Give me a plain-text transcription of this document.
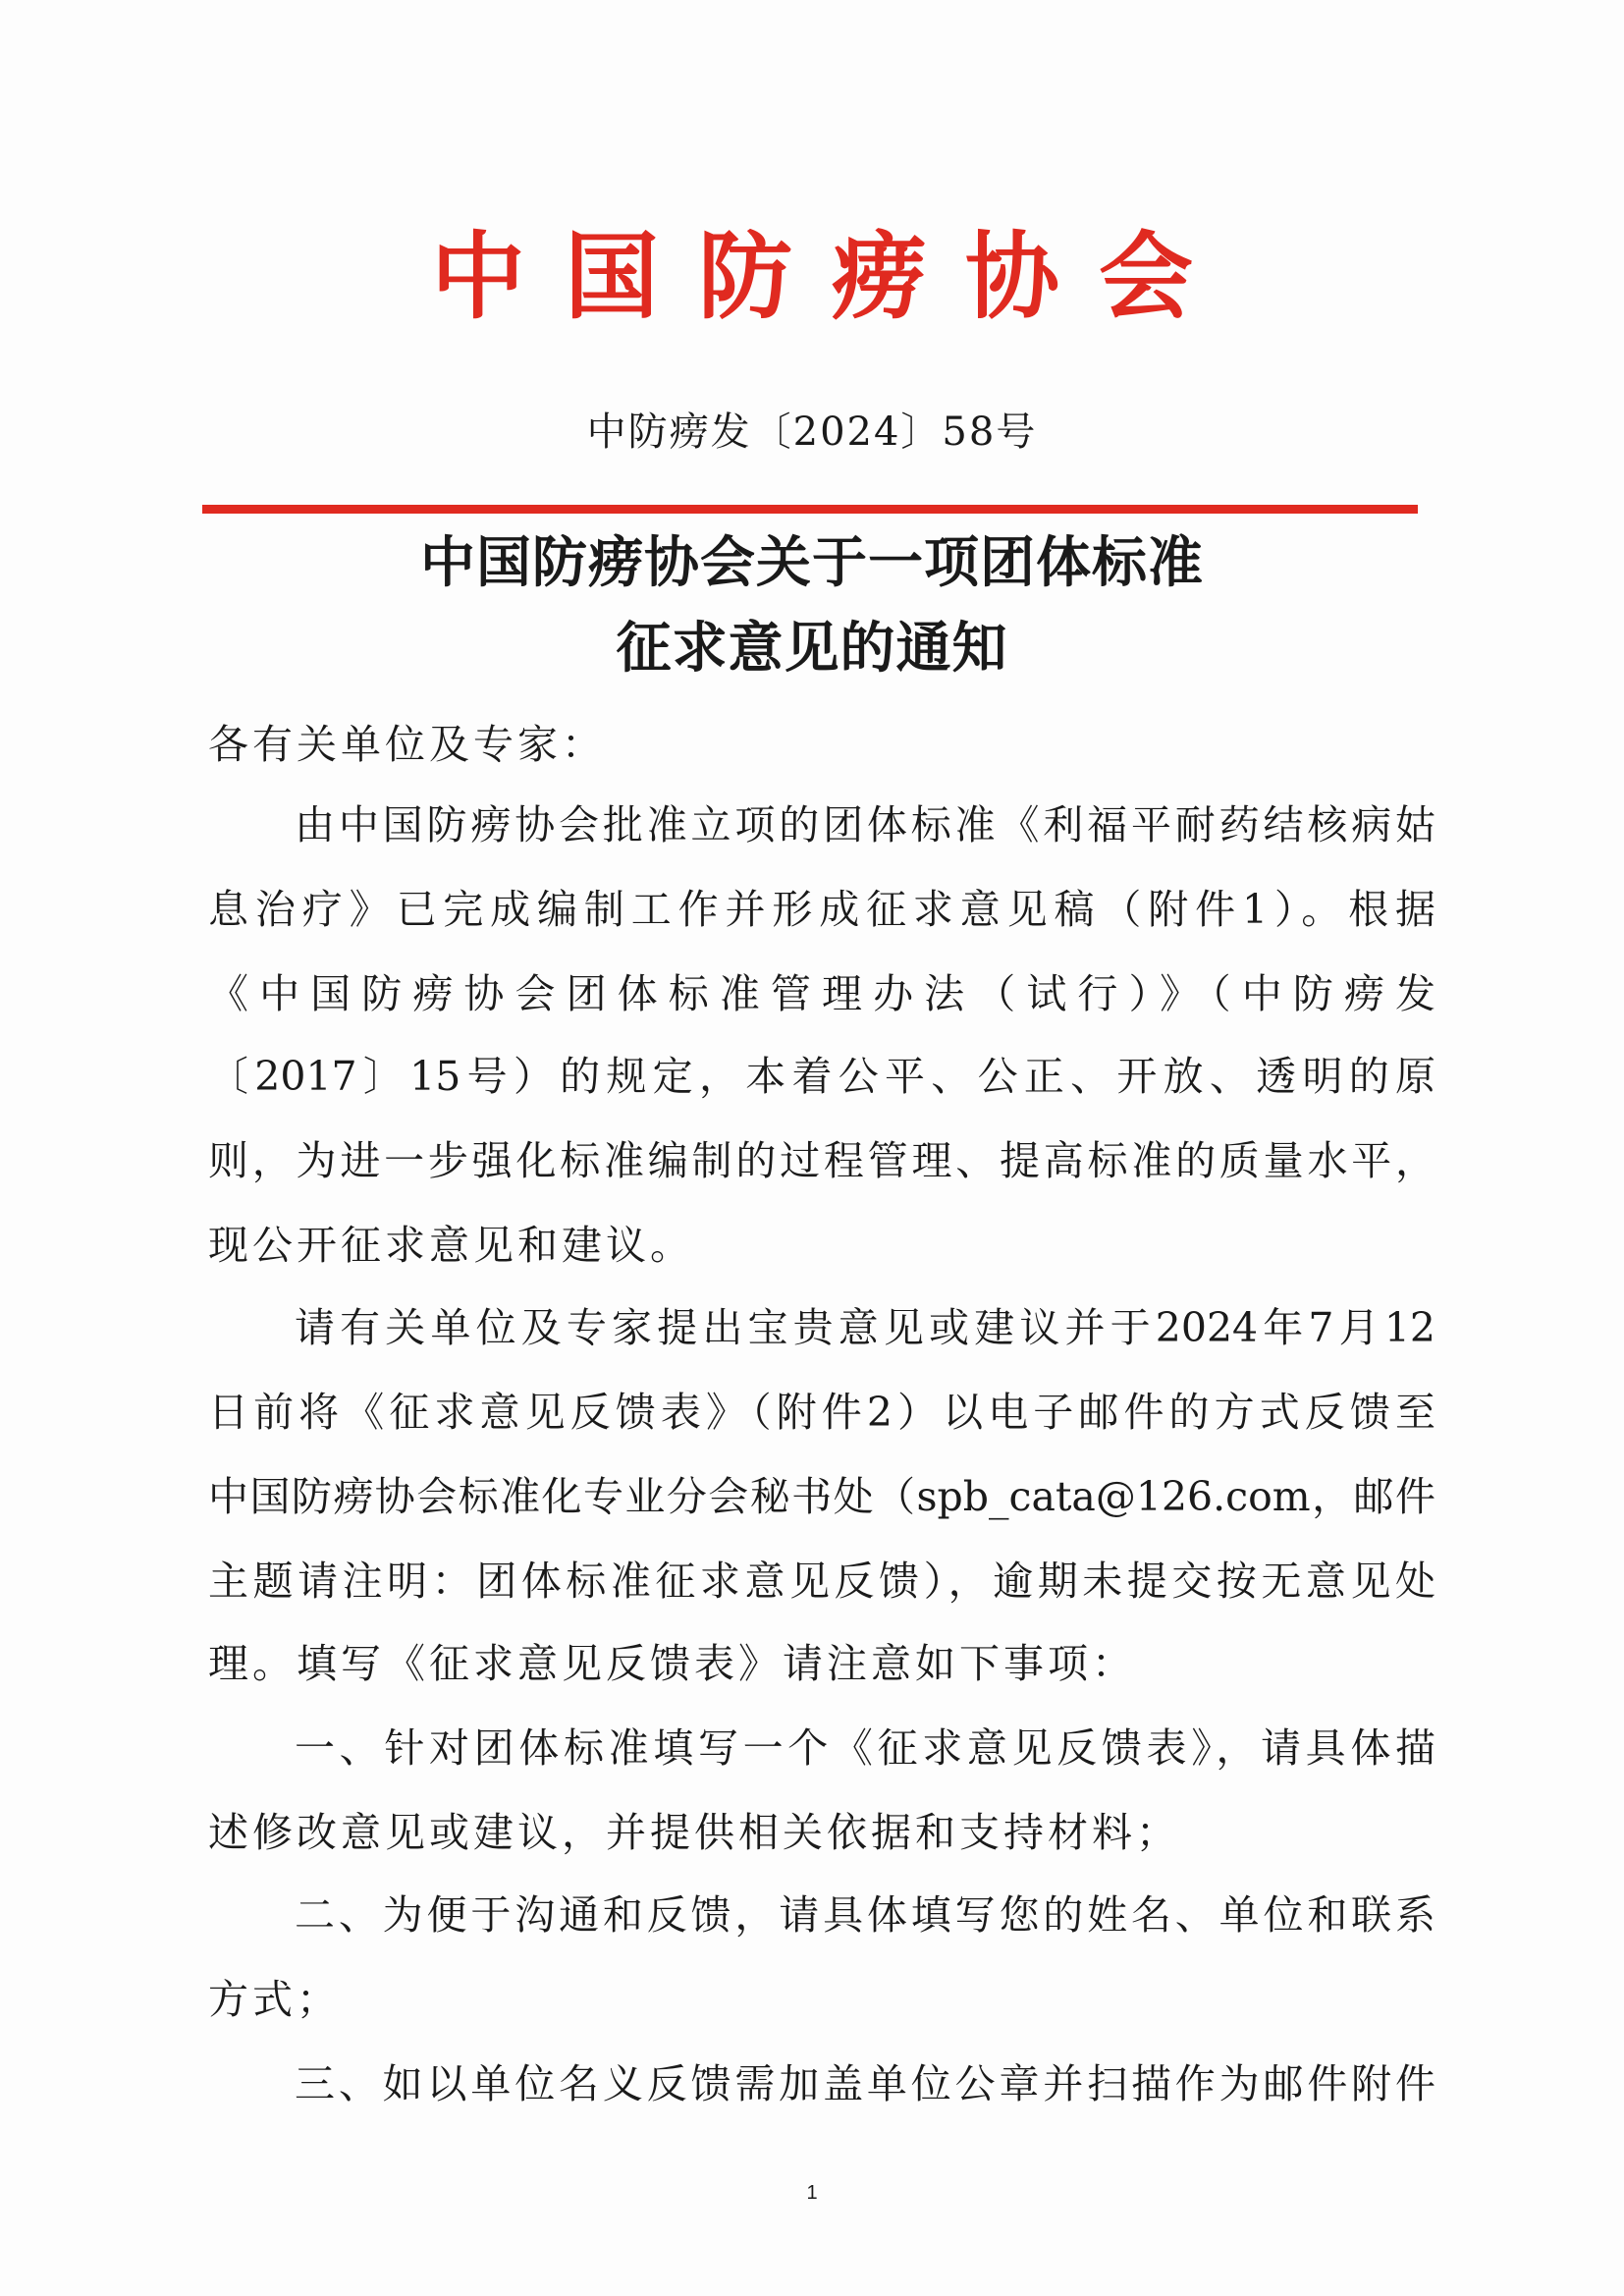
中国防痨协会
中防痨发〔2024〕58号
中国防痨协会关于一项团体标准
征求意见的通知
各有关单位及专家：
由中国防痨协会批准立项的团体标准《利福平耐药结核病姑
息治疗》已完成编制工作并形成征求意见稿（附件1）。根据
《中国防痨协会团体标准管理办法（试行）》（中防痨发
〔2017〕15号）的规定，本着公平、公正、开放、透明的原
则，为进一步强化标准编制的过程管理、提高标准的质量水平，
现公开征求意见和建议。
请有关单位及专家提出宝贵意见或建议并于2024年7月12
日前将《征求意见反馈表》（附件2）以电子邮件的方式反馈至
中国防痨协会标准化专业分会秘书处（spb_cata@126.com，邮件
主题请注明：团体标准征求意见反馈），逾期未提交按无意见处
理。填写《征求意见反馈表》请注意如下事项：
一、针对团体标准填写一个《征求意见反馈表》，请具体描
述修改意见或建议，并提供相关依据和支持材料；
二、为便于沟通和反馈，请具体填写您的姓名、单位和联系
方式；
三、如以单位名义反馈需加盖单位公章并扫描作为邮件附件
1
